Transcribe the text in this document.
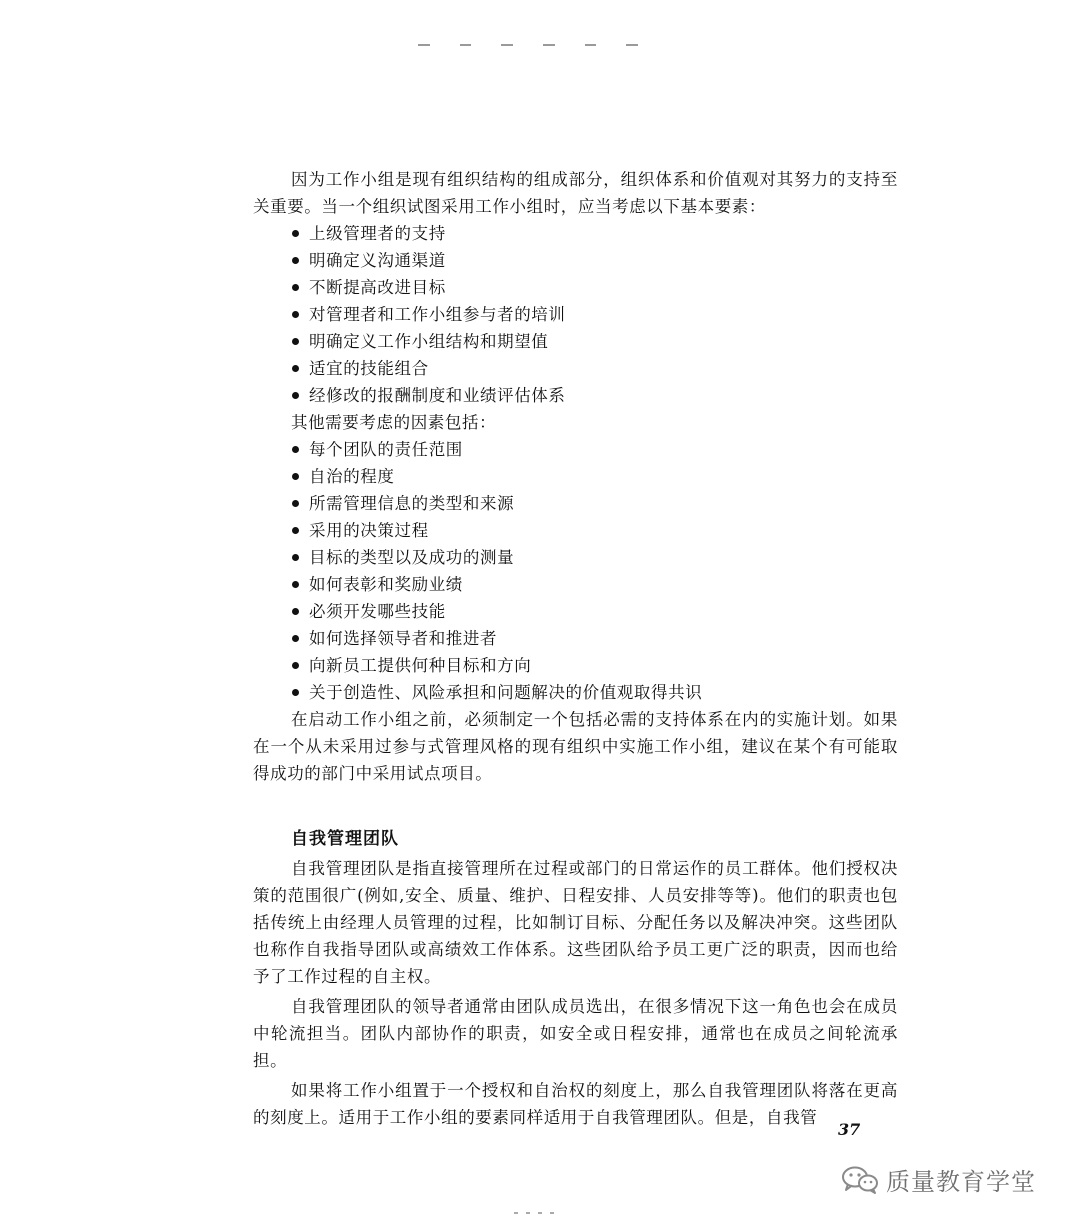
因为工作小组是现有组织结构的组成部分，组织体系和价值观对其努力的支持至关重要。当一个组织试图采用工作小组时，应当考虑以下基本要素：

上级管理者的支持
明确定义沟通渠道
不断提高改进目标
对管理者和工作小组参与者的培训
明确定义工作小组结构和期望值
适宜的技能组合
经修改的报酬制度和业绩评估体系

其他需要考虑的因素包括：

每个团队的责任范围
自治的程度
所需管理信息的类型和来源
采用的决策过程
目标的类型以及成功的测量
如何表彰和奖励业绩
必须开发哪些技能
如何选择领导者和推进者
向新员工提供何种目标和方向
关于创造性、风险承担和问题解决的价值观取得共识

在启动工作小组之前，必须制定一个包括必需的支持体系在内的实施计划。如果在一个从未采用过参与式管理风格的现有组织中实施工作小组，建议在某个有可能取得成功的部门中采用试点项目。

自我管理团队

自我管理团队是指直接管理所在过程或部门的日常运作的员工群体。他们授权决策的范围很广(例如,安全、质量、维护、日程安排、人员安排等等)。他们的职责也包括传统上由经理人员管理的过程，比如制订目标、分配任务以及解决冲突。这些团队也称作自我指导团队或高绩效工作体系。这些团队给予员工更广泛的职责，因而也给予了工作过程的自主权。

自我管理团队的领导者通常由团队成员选出，在很多情况下这一角色也会在成员中轮流担当。团队内部协作的职责，如安全或日程安排，通常也在成员之间轮流承担。

如果将工作小组置于一个授权和自治权的刻度上，那么自我管理团队将落在更高的刻度上。适用于工作小组的要素同样适用于自我管理团队。但是，自我管

37
质量教育学堂
